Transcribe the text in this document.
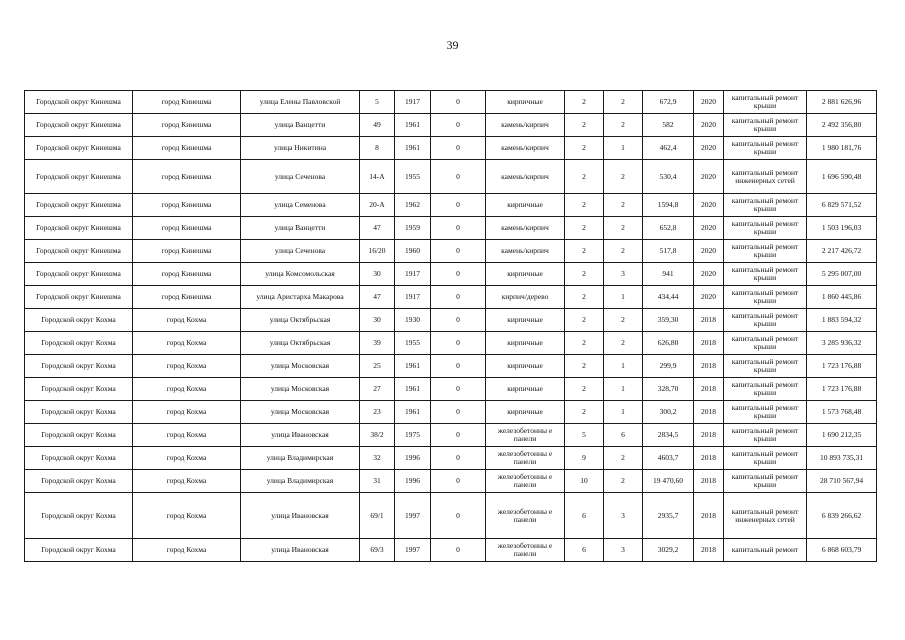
39
Городской округ Кинешма	город Кинешма	улица Елены Павловской	5	1917	0	кирпичные	2	2	672,9	2020	капитальный ремонт крыши	2 881 626,96
Городской округ Кинешма	город Кинешма	улица Ванцетти	49	1961	0	камень/кирпич	2	2	582	2020	капитальный ремонт крыши	2 492 356,80
Городской округ Кинешма	город Кинешма	улица Никитина	8	1961	0	камень/кирпич	2	1	462,4	2020	капитальный ремонт крыши	1 980 181,76
Городской округ Кинешма	город Кинешма	улица Сеченова	14-А	1955	0	камень/кирпич	2	2	530,4	2020	капитальный ремонт инженерных сетей	1 696 590,48
Городской округ Кинешма	город Кинешма	улица Семенова	20-А	1962	0	кирпичные	2	2	1594,8	2020	капитальный ремонт крыши	6 829 571,52
Городской округ Кинешма	город Кинешма	улица Ванцетти	47	1959	0	камень/кирпич	2	2	652,8	2020	капитальный ремонт крыши	1 503 196,03
Городской округ Кинешма	город Кинешма	улица Сеченова	16/20	1960	0	камень/кирпич	2	2	517,8	2020	капитальный ремонт крыши	2 217 426,72
Городской округ Кинешма	город Кинешма	улица Комсомольская	30	1917	0	кирпичные	2	3	941	2020	капитальный ремонт крыши	5 295 007,00
Городской округ Кинешма	город Кинешма	улица Аристарха Макарова	47	1917	0	кирпич/дерево	2	1	434,44	2020	капитальный ремонт крыши	1 860 445,86
Городской округ Кохма	город Кохма	улица Октябрьская	30	1930	0	кирпичные	2	2	359,30	2018	капитальный ремонт крыши	1 883 594,32
Городской округ Кохма	город Кохма	улица Октябрьская	39	1955	0	кирпичные	2	2	626,80	2018	капитальный ремонт крыши	3 285 936,32
Городской округ Кохма	город Кохма	улица Московская	25	1961	0	кирпичные	2	1	299,9	2018	капитальный ремонт крыши	1 723 176,88
Городской округ Кохма	город Кохма	улица Московская	27	1961	0	кирпичные	2	1	328,70	2018	капитальный ремонт крыши	1 723 176,88
Городской округ Кохма	город Кохма	улица Московская	23	1961	0	кирпичные	2	1	300,2	2018	капитальный ремонт крыши	1 573 768,48
Городской округ Кохма	город Кохма	улица Ивановская	38/2	1975	0	железобетонны е панели	5	6	2834,5	2018	капитальный ремонт крыши	1 690 212,35
Городской округ Кохма	город Кохма	улица Владимирская	32	1996	0	железобетонны е панели	9	2	4603,7	2018	капитальный ремонт крыши	10 893 735,31
Городской округ Кохма	город Кохма	улица Владимирская	31	1996	0	железобетонны е панели	10	2	19 470,60	2018	капитальный ремонт крыши	28 710 567,94
Городской округ Кохма	город Кохма	улица Ивановская	69/1	1997	0	железобетонны е панели	6	3	2935,7	2018	капитальный ремонт инженерных сетей	6 839 266,62
Городской округ Кохма	город Кохма	улица Ивановская	69/3	1997	0	железобетонны е панели	6	3	3029,2	2018	капитальный ремонт	6 868 603,79
